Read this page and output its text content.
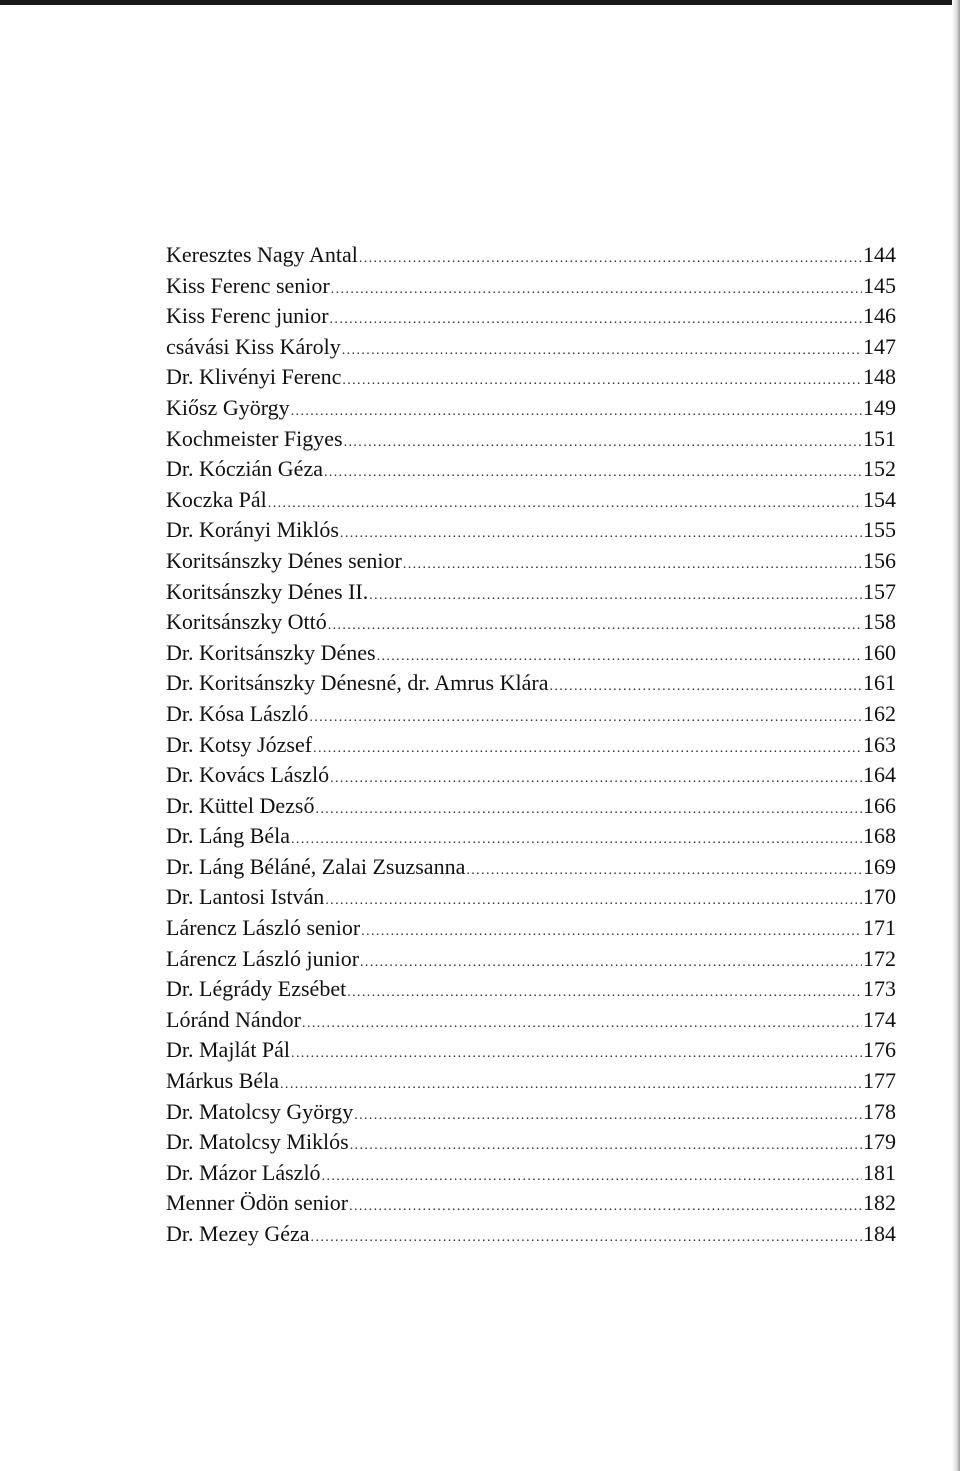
Keresztes Nagy Antal .....	144
Kiss Ferenc senior .....	145
Kiss Ferenc junior .....	146
csávási Kiss Károly .....	147
Dr. Klivényi Ferenc .....	148
Kiősz György .....	149
Kochmeister Figyes .....	151
Dr. Kóczián Géza .....	152
Koczka Pál .....	154
Dr. Korányi Miklós .....	155
Koritsánszky Dénes senior .....	156
Koritsánszky Dénes II. .....	157
Koritsánszky Ottó .....	158
Dr. Koritsánszky Dénes .....	160
Dr. Koritsánszky Dénesné, dr. Amrus Klára .....	161
Dr. Kósa László .....	162
Dr. Kotsy József .....	163
Dr. Kovács László .....	164
Dr. Küttel Dezső .....	166
Dr. Láng Béla .....	168
Dr. Láng Béláné, Zalai Zsuzsanna .....	169
Dr. Lantosi István .....	170
Lárencz László senior .....	171
Lárencz László junior .....	172
Dr. Légrády Ezsébet .....	173
Lóránd Nándor .....	174
Dr. Majlát Pál .....	176
Márkus Béla .....	177
Dr. Matolcsy György .....	178
Dr. Matolcsy Miklós .....	179
Dr. Mázor László .....	181
Menner Ödön senior .....	182
Dr. Mezey Géza .....	184
